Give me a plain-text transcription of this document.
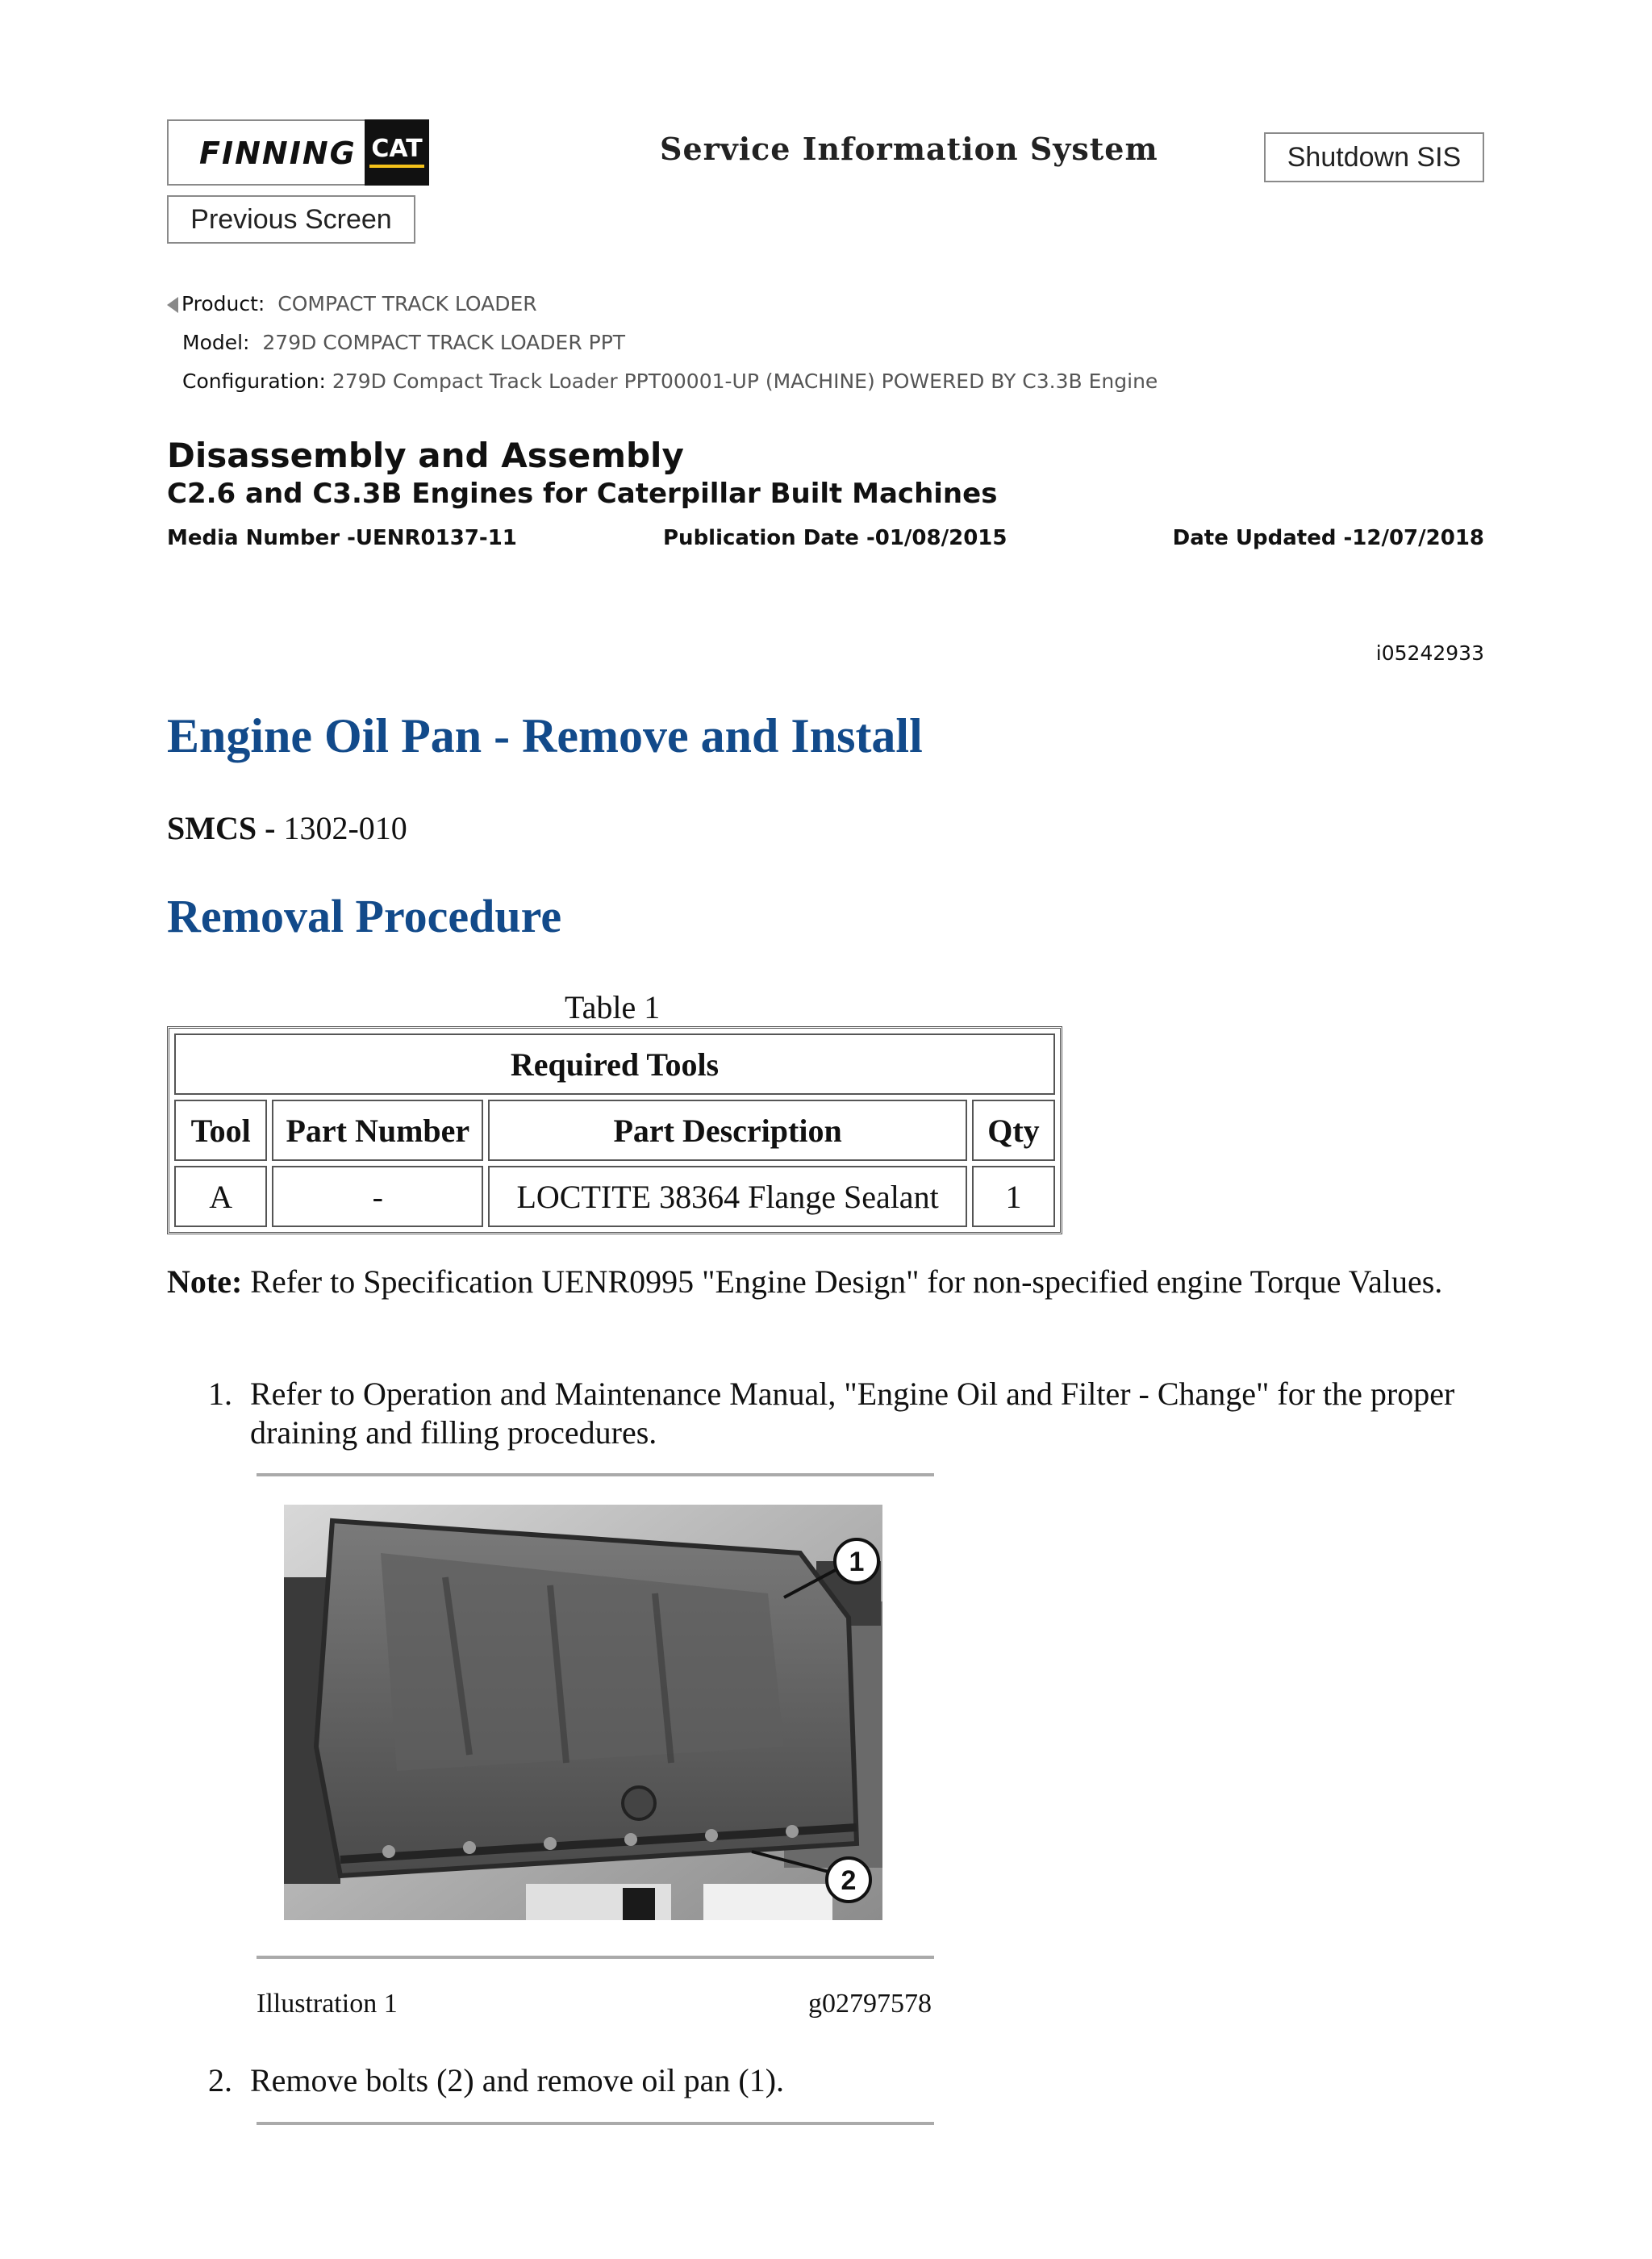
FINNING CAT	Service Information System	Shutdown SIS
Previous Screen
Product: COMPACT TRACK LOADER
Model: 279D COMPACT TRACK LOADER PPT
Configuration: 279D Compact Track Loader PPT00001-UP (MACHINE) POWERED BY C3.3B Engine
Disassembly and Assembly
C2.6 and C3.3B Engines for Caterpillar Built Machines
Media Number -UENR0137-11	Publication Date -01/08/2015	Date Updated -12/07/2018
i05242933
Engine Oil Pan - Remove and Install
SMCS - 1302-010
Removal Procedure
Table 1
Required Tools			
Tool	Part Number	Part Description	Qty
A	-	LOCTITE 38364 Flange Sealant	1
Note: Refer to Specification UENR0995 "Engine Design" for non-specified engine Torque Values.
1. Refer to Operation and Maintenance Manual, "Engine Oil and Filter - Change" for the proper draining and filling procedures.
1
2
Illustration 1	g02797578
2. Remove bolts (2) and remove oil pan (1).
